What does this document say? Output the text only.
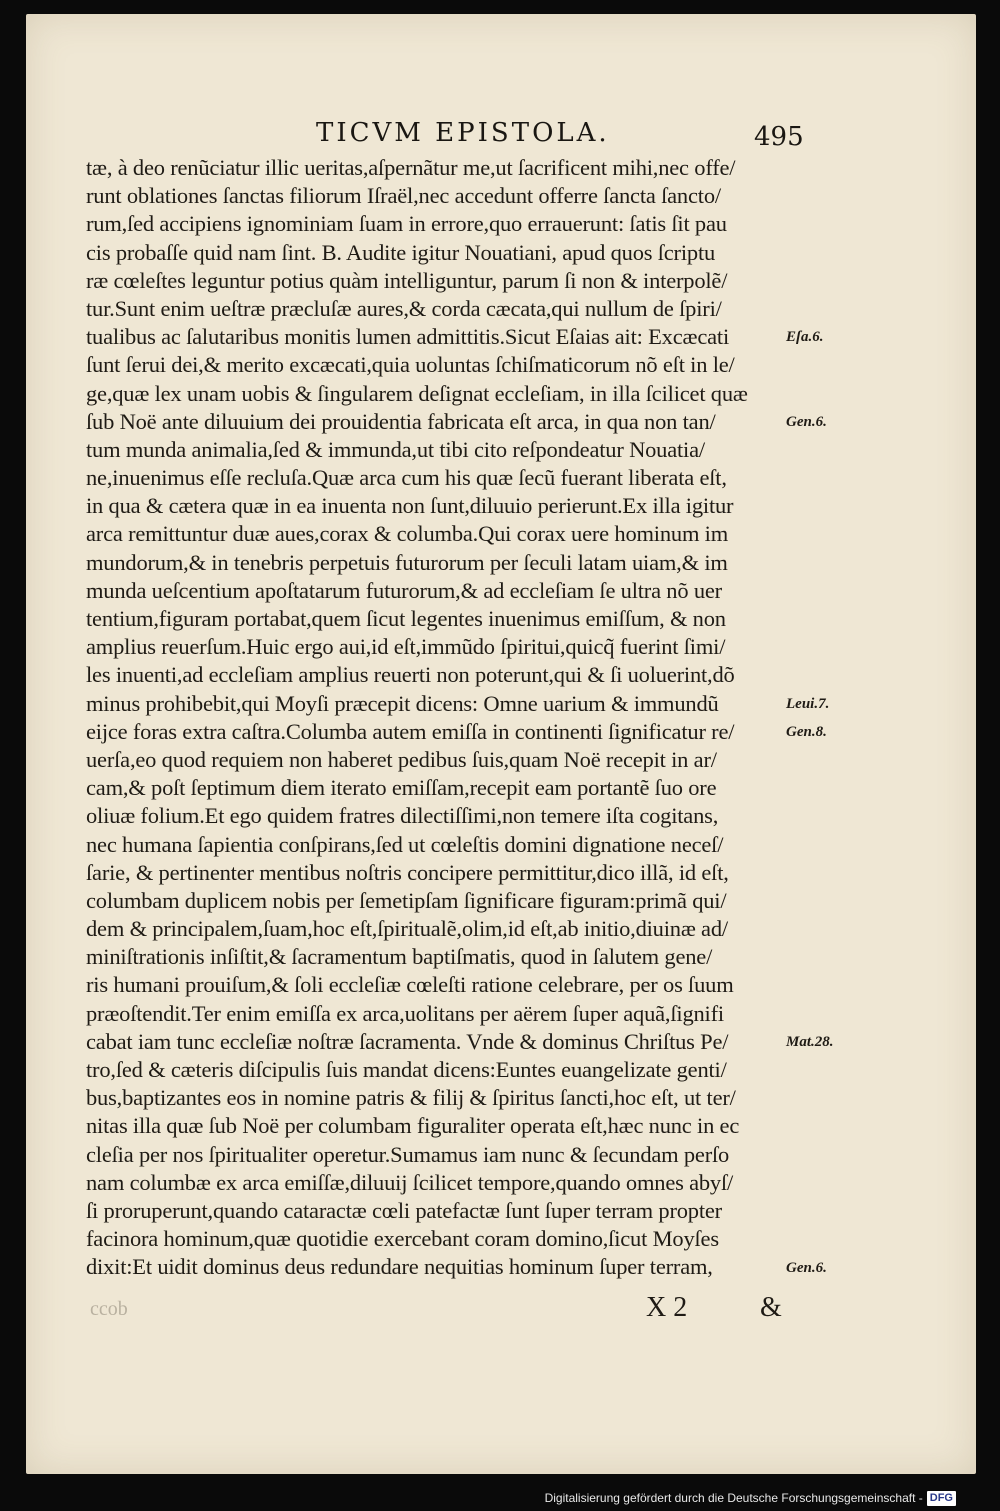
TICVM EPISTOLA.	495
tæ, à deo renũciatur illic ueritas,aſpernãtur me,ut ſacrificent mihi,nec offe/
runt oblationes ſanctas filiorum Iſraël,nec accedunt offerre ſancta ſancto/
rum,ſed accipiens ignominiam ſuam in errore,quo errauerunt: ſatis ſit pau
cis probaſſe quid nam ſint. B. Audite igitur Nouatiani, apud quos ſcriptu
ræ cœleſtes leguntur potius quàm intelliguntur, parum ſi non & interpolẽ/
tur.Sunt enim ueſtræ præcluſæ aures,& corda cæcata,qui nullum de ſpiri/
tualibus ac ſalutaribus monitis lumen admittitis.Sicut Eſaias ait: Excæcati
ſunt ſerui dei,& merito excæcati,quia uoluntas ſchiſmaticorum nõ eſt in le/
ge,quæ lex unam uobis & ſingularem deſignat eccleſiam, in illa ſcilicet quæ
ſub Noë ante diluuium dei prouidentia fabricata eſt arca, in qua non tan/
tum munda animalia,ſed & immunda,ut tibi cito reſpondeatur Nouatia/
ne,inuenimus eſſe recluſa.Quæ arca cum his quæ ſecũ fuerant liberata eſt,
in qua & cætera quæ in ea inuenta non ſunt,diluuio perierunt.Ex illa igitur
arca remittuntur duæ aues,corax & columba.Qui corax uere hominum im
mundorum,& in tenebris perpetuis futurorum per ſeculi latam uiam,& im
munda ueſcentium apoſtatarum futurorum,& ad eccleſiam ſe ultra nõ uer
tentium,figuram portabat,quem ſicut legentes inuenimus emiſſum, & non
amplius reuerſum.Huic ergo aui,id eſt,immũdo ſpiritui,quicq̃ fuerint ſimi/
les inuenti,ad eccleſiam amplius reuerti non poterunt,qui & ſi uoluerint,dõ
minus prohibebit,qui Moyſi præcepit dicens: Omne uarium & immundũ
eijce foras extra caſtra.Columba autem emiſſa in continenti ſignificatur re/
uerſa,eo quod requiem non haberet pedibus ſuis,quam Noë recepit in ar/
cam,& poſt ſeptimum diem iterato emiſſam,recepit eam portantẽ ſuo ore
oliuæ folium.Et ego quidem fratres dilectiſſimi,non temere iſta cogitans,
nec humana ſapientia conſpirans,ſed ut cœleſtis domini dignatione neceſ/
ſarie, & pertinenter mentibus noſtris concipere permittitur,dico illã, id eſt,
columbam duplicem nobis per ſemetipſam ſignificare figuram:primã qui/
dem & principalem,ſuam,hoc eſt,ſpiritualẽ,olim,id eſt,ab initio,diuinæ ad/
miniſtrationis inſiſtit,& ſacramentum baptiſmatis, quod in ſalutem gene/
ris humani prouiſum,& ſoli eccleſiæ cœleſti ratione celebrare, per os ſuum
præoſtendit.Ter enim emiſſa ex arca,uolitans per aërem ſuper aquã,ſignifi
cabat iam tunc eccleſiæ noſtræ ſacramenta. Vnde & dominus Chriſtus Pe/
tro,ſed & cæteris diſcipulis ſuis mandat dicens:Euntes euangelizate genti/
bus,baptizantes eos in nomine patris & filij & ſpiritus ſancti,hoc eſt, ut ter/
nitas illa quæ ſub Noë per columbam figuraliter operata eſt,hæc nunc in ec
cleſia per nos ſpiritualiter operetur.Sumamus iam nunc & ſecundam perſo
nam columbæ ex arca emiſſæ,diluuij ſcilicet tempore,quando omnes abyſ/
ſi proruperunt,quando cataractæ cœli patefactæ ſunt ſuper terram propter
facinora hominum,quæ quotidie exercebant coram domino,ſicut Moyſes
dixit:Et uidit dominus deus redundare nequitias hominum ſuper terram,
Eſa.6.
Gen.6.
Leui.7.
Gen.8.
Mat.28.
Gen.6.
ccob	X 2	&
Digitalisierung gefördert durch die Deutsche Forschungsgemeinschaft - DFG
